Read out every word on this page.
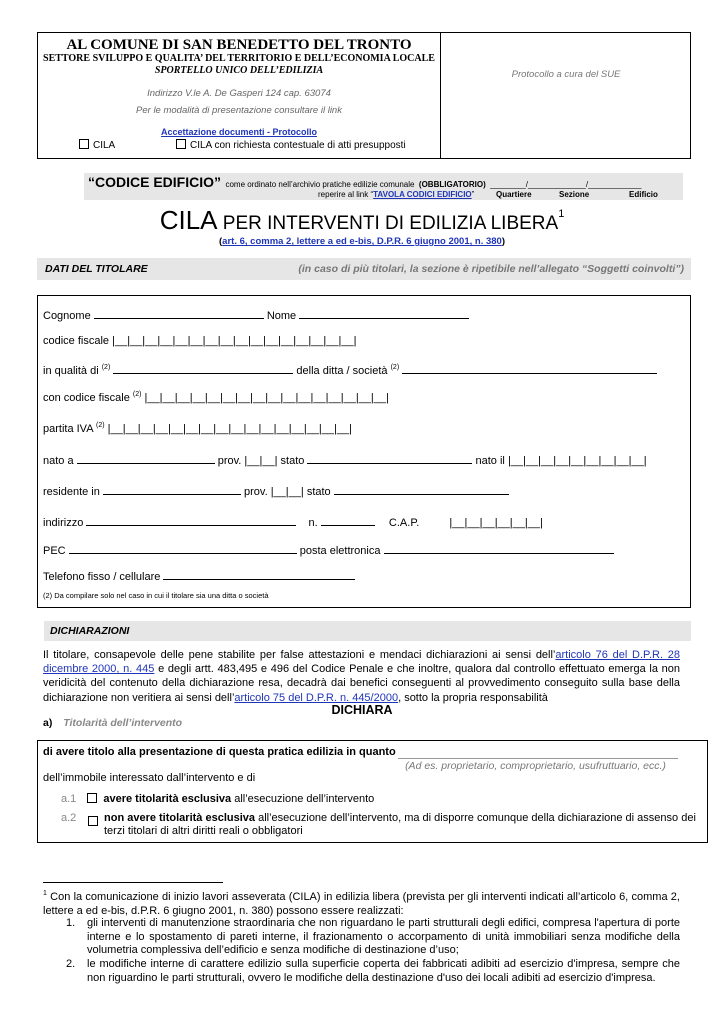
AL COMUNE DI SAN BENEDETTO DEL TRONTO
SETTORE SVILUPPO E QUALITA’ DEL TERRITORIO E DELL’ECONOMIA LOCALE
SPORTELLO UNICO DELL’EDILIZIA
Indirizzo V.le A. De Gasperi 124 cap. 63074
Per le modalità di presentazione consultare il link
Accettazione documenti - Protocollo
Protocollo a cura del SUE
CILA	CILA con richiesta contestuale di atti presupposti
“CODICE EDIFICIO” come ordinato nell’archivio pratiche edilizie comunale (OBBLIGATORIO) ________/_____________/____________
reperire al link “TAVOLA CODICI EDIFICIO”	Quartiere	Sezione	Edificio
CILA PER INTERVENTI DI EDILIZIA LIBERA$^1$
(art. 6, comma 2, lettere a ed e-bis, D.P.R. 6 giugno 2001, n. 380)
DATI DEL TITOLARE	(in caso di più titolari, la sezione è ripetibile nell’allegato “Soggetti coinvolti”)
Cognome	Nome
codice fiscale |__|__|__|__|__|__|__|__|__|__|__|__|__|__|__|__|
in qualità di $^{(2)}$	della ditta / società $^{(2)}$
con codice fiscale $^{(2)}$ |__|__|__|__|__|__|__|__|__|__|__|__|__|__|__|__|
partita IVA $^{(2)}$ |__|__|__|__|__|__|__|__|__|__|__|__|__|__|__|__|
nato a	prov. |__|__| stato	nato il |__|__|__|__|__|__|__|__|__|
residente in	prov. |__|__| stato
indirizzo	n.	C.A.P.	|__|__|__|__|__|__|
PEC	posta elettronica
Telefono fisso / cellulare
(2) Da compilare solo nel caso in cui il titolare sia una ditta o società
DICHIARAZIONI
Il titolare, consapevole delle pene stabilite per false attestazioni e mendaci dichiarazioni ai sensi dell’articolo 76 del D.P.R. 28 dicembre 2000, n. 445 e degli artt. 483,495 e 496 del Codice Penale e che inoltre, qualora dal controllo effettuato emerga la non veridicità del contenuto della dichiarazione resa, decadrà dai benefici conseguenti al provvedimento conseguito sulla base della dichiarazione non veritiera ai sensi dell’articolo 75 del D.P.R. n. 445/2000, sotto la propria responsabilità
DICHIARA
a) Titolarità dell’intervento
di avere titolo alla presentazione di questa pratica edilizia in quanto
(Ad es. proprietario, comproprietario, usufruttuario, ecc.)
dell’immobile interessato dall’intervento e di
a.1 avere titolarità esclusiva all’esecuzione dell’intervento
a.2	non avere titolarità esclusiva all’esecuzione dell’intervento, ma di disporre comunque della dichiarazione di assenso dei terzi titolari di altri diritti reali o obbligatori
$^1$ Con la comunicazione di inizio lavori asseverata (CILA) in edilizia libera (prevista per gli interventi indicati all’articolo 6, comma 2, lettere a ed e-bis, d.P.R. 6 giugno 2001, n. 380) possono essere realizzati:
1. gli interventi di manutenzione straordinaria che non riguardano le parti strutturali degli edifici, compresa l'apertura di porte interne e lo spostamento di pareti interne, il frazionamento o accorpamento di unità immobiliari senza modifiche della volumetria complessiva dell’edificio e senza modifiche di destinazione d’uso;
2. le modifiche interne di carattere edilizio sulla superficie coperta dei fabbricati adibiti ad esercizio d'impresa, sempre che non riguardino le parti strutturali, ovvero le modifiche della destinazione d'uso dei locali adibiti ad esercizio d'impresa.
